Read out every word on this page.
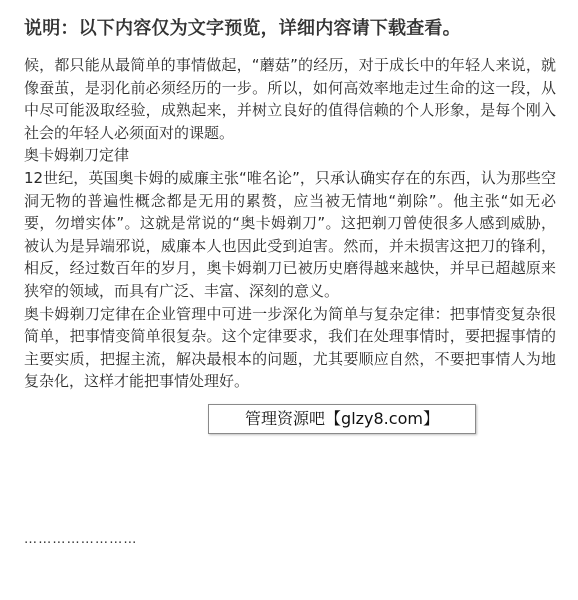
说明：以下内容仅为文字预览，详细内容请下载查看。

候，都只能从最简单的事情做起，“蘑菇”的经历，对于成长中的年轻人来说，就像蚕茧，是羽化前必须经历的一步。所以，如何高效率地走过生命的这一段，从中尽可能汲取经验，成熟起来，并树立良好的值得信赖的个人形象，是每个刚入社会的年轻人必须面对的课题。

奥卡姆剃刀定律

12世纪，英国奥卡姆的威廉主张“唯名论”，只承认确实存在的东西，认为那些空洞无物的普遍性概念都是无用的累赘，应当被无情地“剃除”。他主张“如无必要，勿增实体”。这就是常说的“奥卡姆剃刀”。这把剃刀曾使很多人感到威胁，被认为是异端邪说，威廉本人也因此受到迫害。然而，并未损害这把刀的锋利，相反，经过数百年的岁月，奥卡姆剃刀已被历史磨得越来越快，并早已超越原来狭窄的领域，而具有广泛、丰富、深刻的意义。

奥卡姆剃刀定律在企业管理中可进一步深化为简单与复杂定律：把事情变复杂很简单，把事情变简单很复杂。这个定律要求，我们在处理事情时，要把握事情的主要实质，把握主流，解决最根本的问题，尤其要顺应自然，不要把事情人为地复杂化，这样才能把事情处理好。

管理资源吧【glzy8.com】
……………………
